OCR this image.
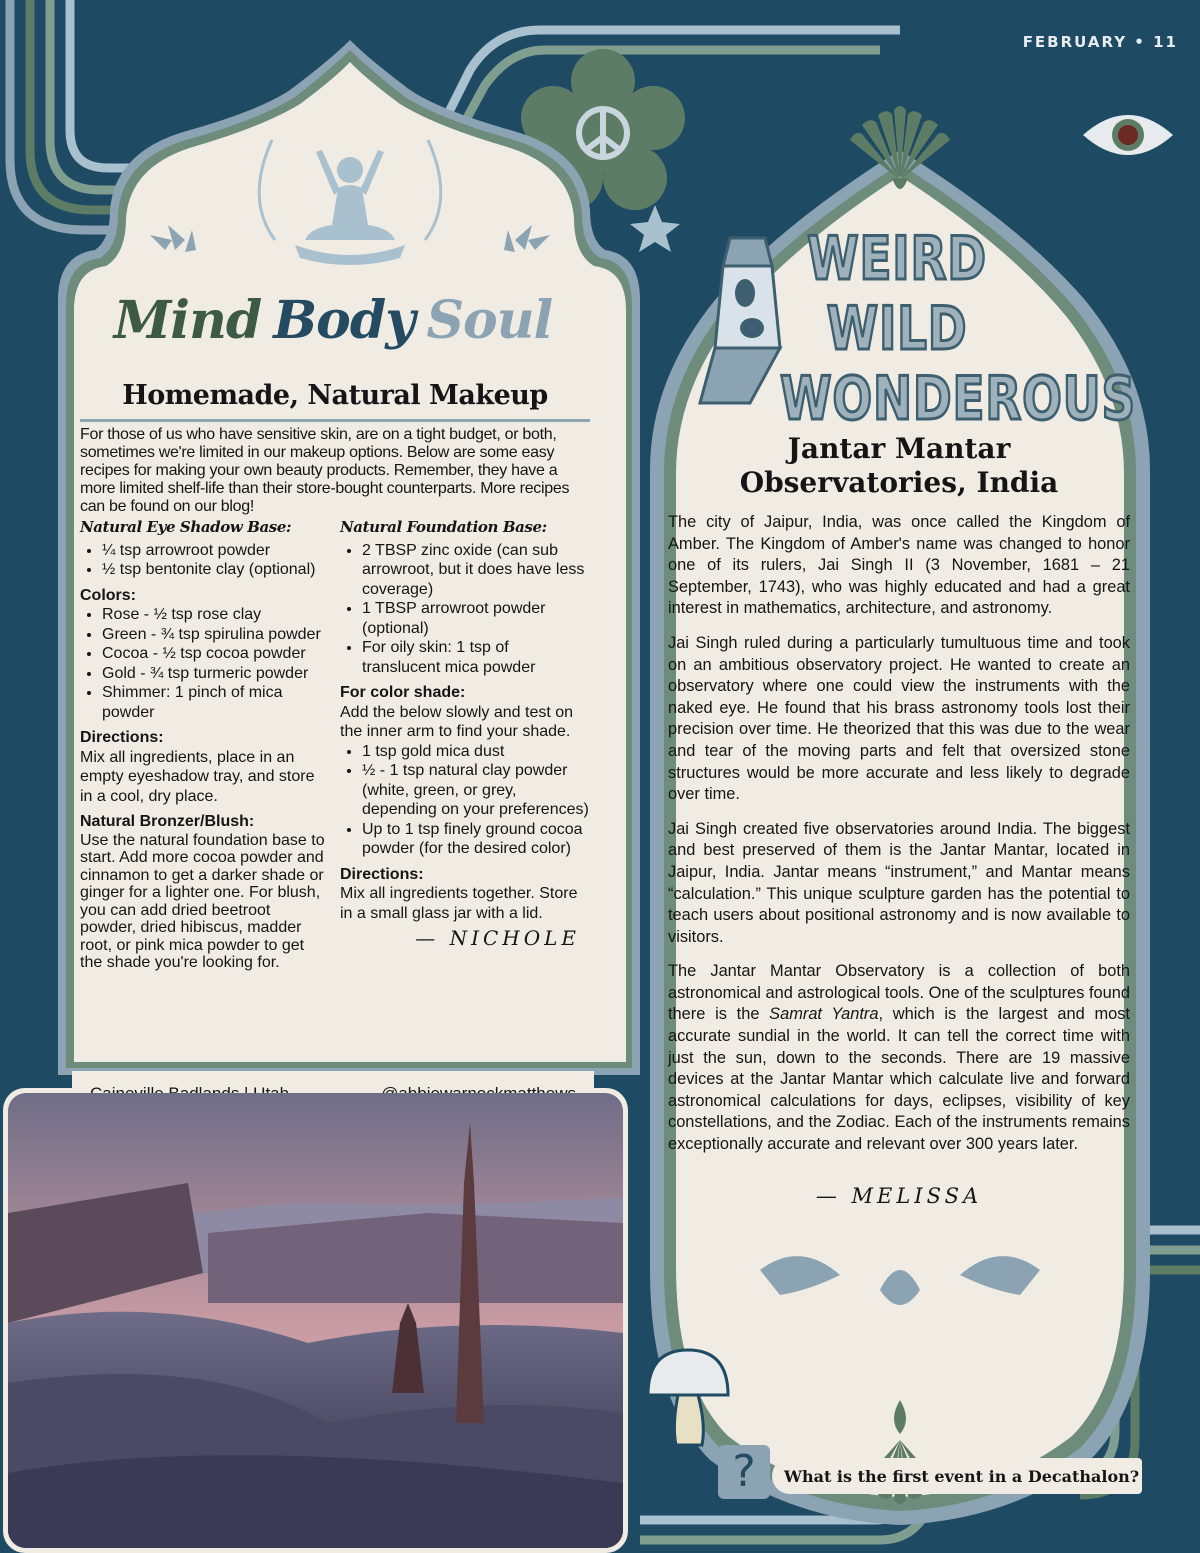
FEBRUARY • 11
Mind Body Soul
WEIRD WILD
WONDEROUS
Homemade, Natural Makeup

For those of us who have sensitive skin, are on a tight budget, or both, sometimes we're limited in our makeup options. Below are some easy recipes for making your own beauty products. Remember, they have a more limited shelf-life than their store-bought counterparts. More recipes can be found on our blog!

Natural Eye Shadow Base:
• ¼ tsp arrowroot powder
• ½ tsp bentonite clay (optional)
Colors:
• Rose - ½ tsp rose clay
• Green - ¾ tsp spirulina powder
• Cocoa - ½ tsp cocoa powder
• Gold - ¾ tsp turmeric powder
• Shimmer: 1 pinch of mica powder
Directions:

Mix all ingredients, place in an empty eyeshadow tray, and store in a cool, dry place.

Natural Bronzer/Blush:

Use the natural foundation base to start. Add more cocoa powder and cinnamon to get a darker shade or ginger for a lighter one. For blush, you can add dried beetroot powder, dried hibiscus, madder root, or pink mica powder to get the shade you're looking for.

Natural Foundation Base:
• 2 TBSP zinc oxide (can sub arrowroot, but it does have less coverage)
• 1 TBSP arrowroot powder (optional)
• For oily skin: 1 tsp of translucent mica powder
For color shade:

Add the below slowly and test on the inner arm to find your shade.

• 1 tsp gold mica dust
• ½ - 1 tsp natural clay powder (white, green, or grey, depending on your preferences)
• Up to 1 tsp finely ground cocoa powder (for the desired color)
Directions:

Mix all ingredients together. Store in a small glass jar with a lid.

— NICHOLE
Jantar Mantar
Observatories, India

The city of Jaipur, India, was once called the Kingdom of Amber. The Kingdom of Amber's name was changed to honor one of its rulers, Jai Singh II (3 November, 1681 – 21 September, 1743), who was highly educated and had a great interest in mathematics, architecture, and astronomy.

Jai Singh ruled during a particularly tumultuous time and took on an ambitious observatory project. He wanted to create an observatory where one could view the instruments with the naked eye. He found that his brass astronomy tools lost their precision over time. He theorized that this was due to the wear and tear of the moving parts and felt that oversized stone structures would be more accurate and less likely to degrade over time.

Jai Singh created five observatories around India. The biggest and best preserved of them is the Jantar Mantar, located in Jaipur, India. Jantar means “instrument,” and Mantar means “calculation.” This unique sculpture garden has the potential to teach users about positional astronomy and is now available to visitors.

The Jantar Mantar Observatory is a collection of both astronomical and astrological tools. One of the sculptures found there is the Samrat Yantra, which is the largest and most accurate sundial in the world. It can tell the correct time with just the sun, down to the seconds. There are 19 massive devices at the Jantar Mantar which calculate live and forward astronomical calculations for days, eclipses, visibility of key constellations, and the Zodiac. Each of the instruments remains exceptionally accurate and relevant over 300 years later.

— MELISSA
?	What is the first event in a Decathalon?
